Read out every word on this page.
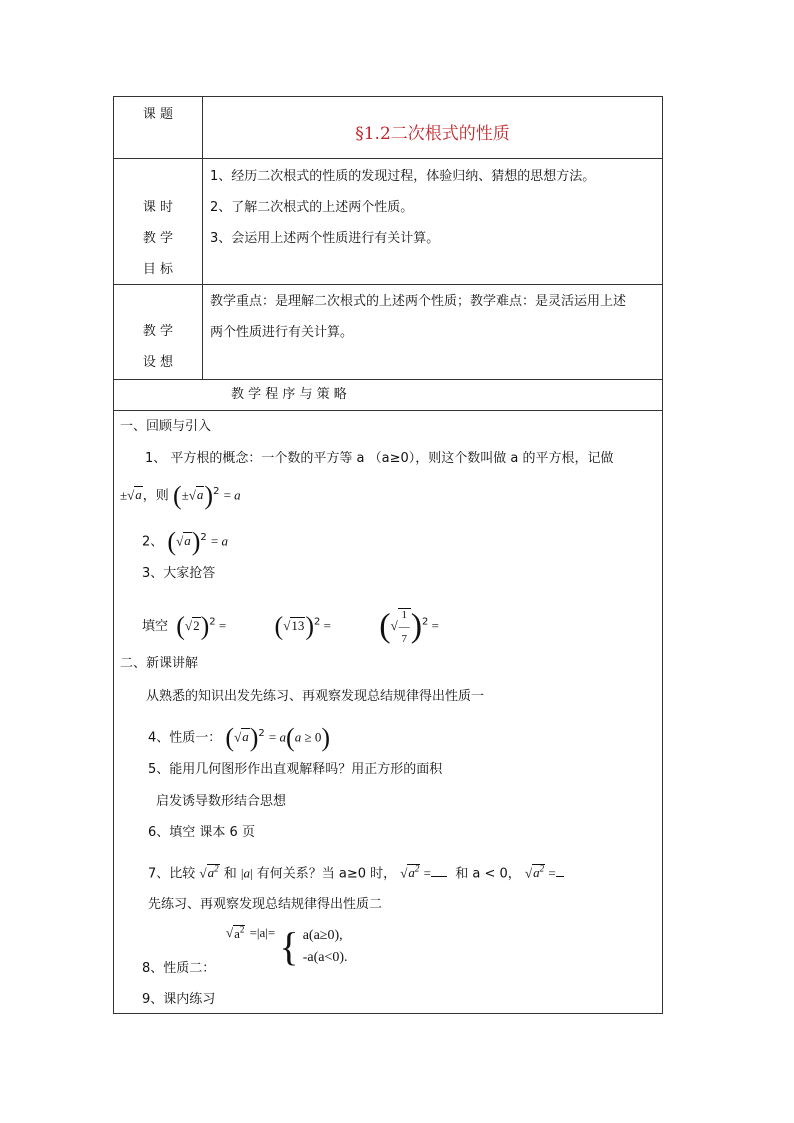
课 题
§1.2二次根式的性质
课 时
教 学
目 标
1、经历二次根式的性质的发现过程，体验归纳、猜想的思想方法。
2、了解二次根式的上述两个性质。
3、会运用上述两个性质进行有关计算。
教 学
设 想
教学重点：是理解二次根式的上述两个性质；教学难点：是灵活运用上述
两个性质进行有关计算。
教 学 程 序 与 策 略
一、回顾与引入
1、 平方根的概念：一个数的平方等 a （a≥0），则这个数叫做 a 的平方根，记做
±√a，则 $(\pm√a)^2 = a$
2、 $(√a)^2 = a$
3、大家抢答
填空 $(√2)^2 = (√13)^2 = (√1$
—
7 )$^2$ =
二、新课讲解
从熟悉的知识出发先练习、再观察发现总结规律得出性质一
4、性质一： $(√a)^2 = a(a \ge 0)$
5、能用几何图形作出直观解释吗？用正方形的面积
启发诱导数形结合思想
6、填空 课本 6 页
7、比较 $√a^2$ 和 |a| 有何关系？当 a≥0 时， $√a^2$ = 和 a < 0， $√a^2$ =
先练习、再观察发现总结规律得出性质二
$√a^2 =|a|=$ { a(a≥0),
-a(a<0).
8、性质二：
9、课内练习
